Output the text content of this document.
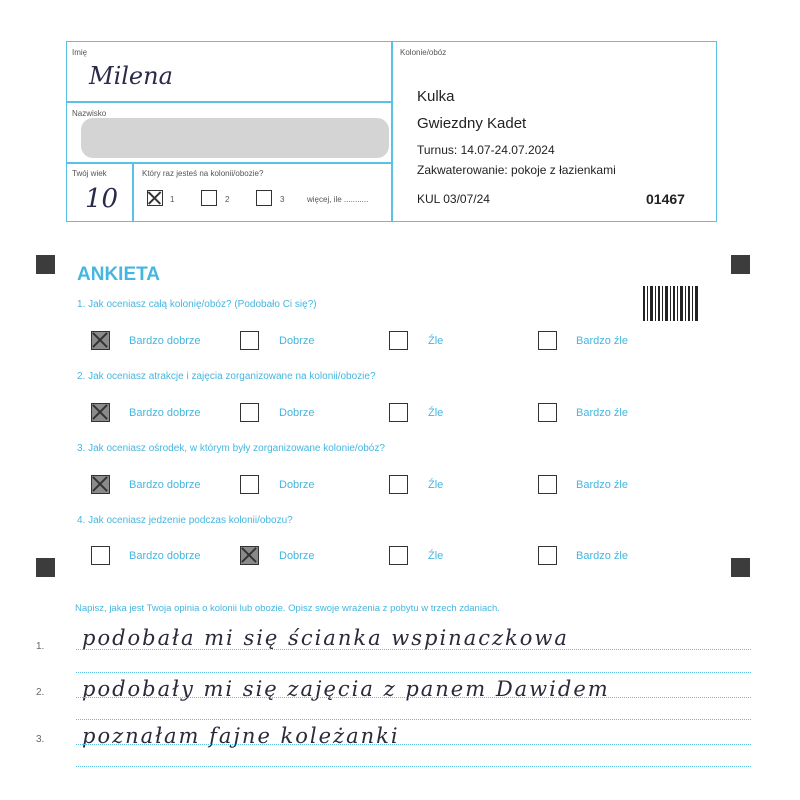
Imię
Milena
Nazwisko
Twój wiek
10
Który raz jesteś na kolonii/obozie?
1	2	3	więcej, ile ...........
Kolonie/obóz
Kulka
Gwiezdny Kadet
Turnus: 14.07-24.07.2024
Zakwaterowanie: pokoje z łazienkami
KUL 03/07/24	01467
ANKIETA
1. Jak oceniasz całą kolonię/obóz? (Podobało Ci się?)
Bardzo dobrze	Dobrze	Źle	Bardzo źle
2. Jak oceniasz atrakcje i zajęcia zorganizowane na kolonii/obozie?
Bardzo dobrze	Dobrze	Źle	Bardzo źle
3. Jak oceniasz ośrodek, w którym były zorganizowane kolonie/obóz?
Bardzo dobrze	Dobrze	Źle	Bardzo źle
4. Jak oceniasz jedzenie podczas kolonii/obozu?
Bardzo dobrze	Dobrze	Źle	Bardzo źle
Napisz, jaka jest Twoja opinia o kolonii lub obozie. Opisz swoje wrażenia z pobytu w trzech zdaniach.
1. podobała mi się ścianka wspinaczkowa
2. podobały mi się zajęcia z panem Dawidem
3. poznałam fajne koleżanki
